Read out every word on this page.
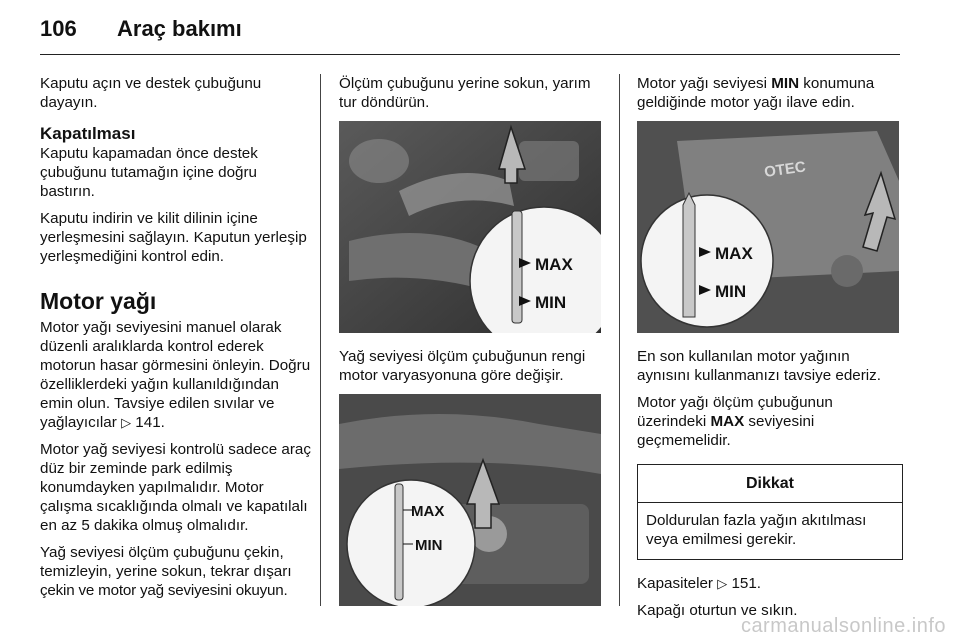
106 Araç bakımı

Kaputu açın ve destek çubuğunu dayayın.

Kapatılması

Kaputu kapamadan önce destek çubuğunu tutamağın içine doğru bastırın.

Kaputu indirin ve kilit dilinin içine yerleşmesini sağlayın. Kaputun yerleşip yerleşmediğini kontrol edin.

Motor yağı

Motor yağı seviyesini manuel olarak düzenli aralıklarda kontrol ederek motorun hasar görmesini önleyin. Doğru özelliklerdeki yağın kullanıldığından emin olun. Tavsiye edilen sıvılar ve yağlayıcılar ▷ 141.

Motor yağ seviyesi kontrolü sadece araç düz bir zeminde park edilmiş konumdayken yapılmalıdır. Motor çalışma sıcaklığında olmalı ve kapatılalı en az 5 dakika olmuş olmalıdır.

Yağ seviyesi ölçüm çubuğunu çekin,
temizleyin, yerine sokun, tekrar dışarı
çekin ve motor yağ seviyesini okuyun.

Ölçüm çubuğunu yerine sokun, yarım tur döndürün.

MAX
MIN

Yağ seviyesi ölçüm çubuğunun rengi motor varyasyonuna göre değişir.

MAX
MIN

Motor yağı seviyesi MIN konumuna geldiğinde motor yağı ilave edin.

OTEC
MAX
MIN

En son kullanılan motor yağının aynısını kullanmanızı tavsiye ederiz.

Motor yağı ölçüm çubuğunun üzerindeki MAX seviyesini geçmemelidir.

Dikkat
Doldurulan fazla yağın akıtılması veya emilmesi gerekir.

Kapasiteler ▷ 151.

Kapağı oturtun ve sıkın.

carmanualsonline.info
